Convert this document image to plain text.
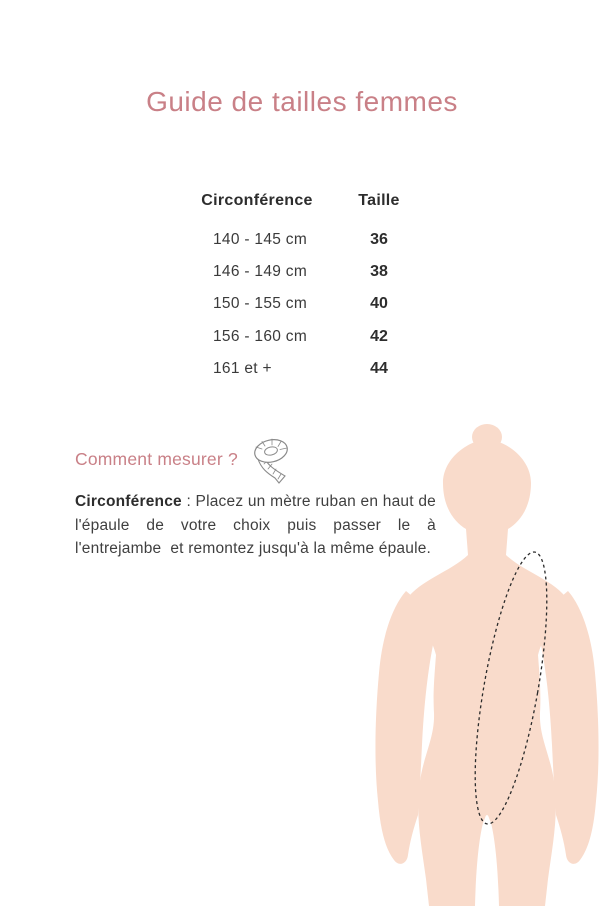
Guide de tailles femmes
Circonférence	Taille
140 - 145 cm	36
146 - 149 cm	38
150 - 155 cm	40
156 - 160 cm	42
161 et +	44
Comment mesurer ?

Circonférence : Placez un mètre ruban en haut de l'épaule de votre choix puis passer le à l'entrejambe  et remontez jusqu'à la même épaule.
